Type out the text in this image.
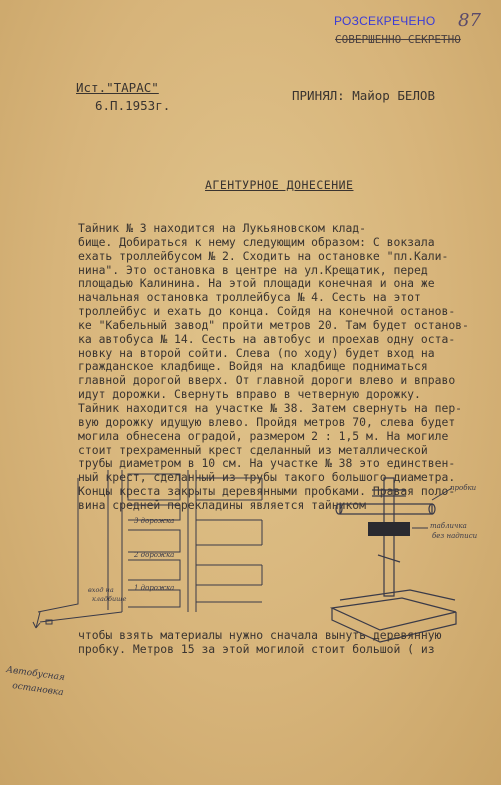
РОЗСЕКРЕЧЕНО 87
СОВЕРШЕННО СЕКРЕТНО
Ист."ТАРАС"
6.П.1953г.
ПРИНЯЛ: Майор БЕЛОВ
АГЕНТУРНОЕ ДОНЕСЕНИЕ
Тайник № 3 находится на Лукьяновском клад-
бище. Добираться к нему следующим образом: С вокзала
ехать троллейбусом № 2. Сходить на остановке "пл.Кали-
нина". Это остановка в центре на ул.Крещатик, перед
площадью Калинина. На этой площади конечная и она же
начальная остановка троллейбуса № 4. Сесть на этот
троллейбус и ехать до конца. Сойдя на конечной останов-
ке "Кабельный завод" пройти метров 20. Там будет останов-
ка автобуса № 14. Сесть на автобус и проехав одну оста-
новку на второй сойти. Слева (по ходу) будет вход на
гражданское кладбище. Войдя на кладбище подниматься
главной дорогой вверх. От главной дороги влево и вправо
идут дорожки. Свернуть вправо в четверную дорожку.
Тайник находится на участке № 38. Затем свернуть на пер-
вую дорожку идущую влево. Пройдя метров 70, слева будет
могила обнесена оградой, размером 2 : 1,5 м. На могиле
стоит трехраменный крест сделанный из металлической
трубы диаметром в 10 см. На участке № 38 это единствен-
ный крест, сделанный из трубы такого большого диаметра.
Концы креста закрыты деревянными пробками. Правая поло-
вина средней перекладины является тайником
3 дорожка
2 дорожка
1 дорожка
вход на
кладбище
Автобусная
остановка
пробки
табличка
без надписи
чтобы взять материалы нужно сначала вынуть деревянную
пробку. Метров 15 за этой могилой стоит большой ( из
